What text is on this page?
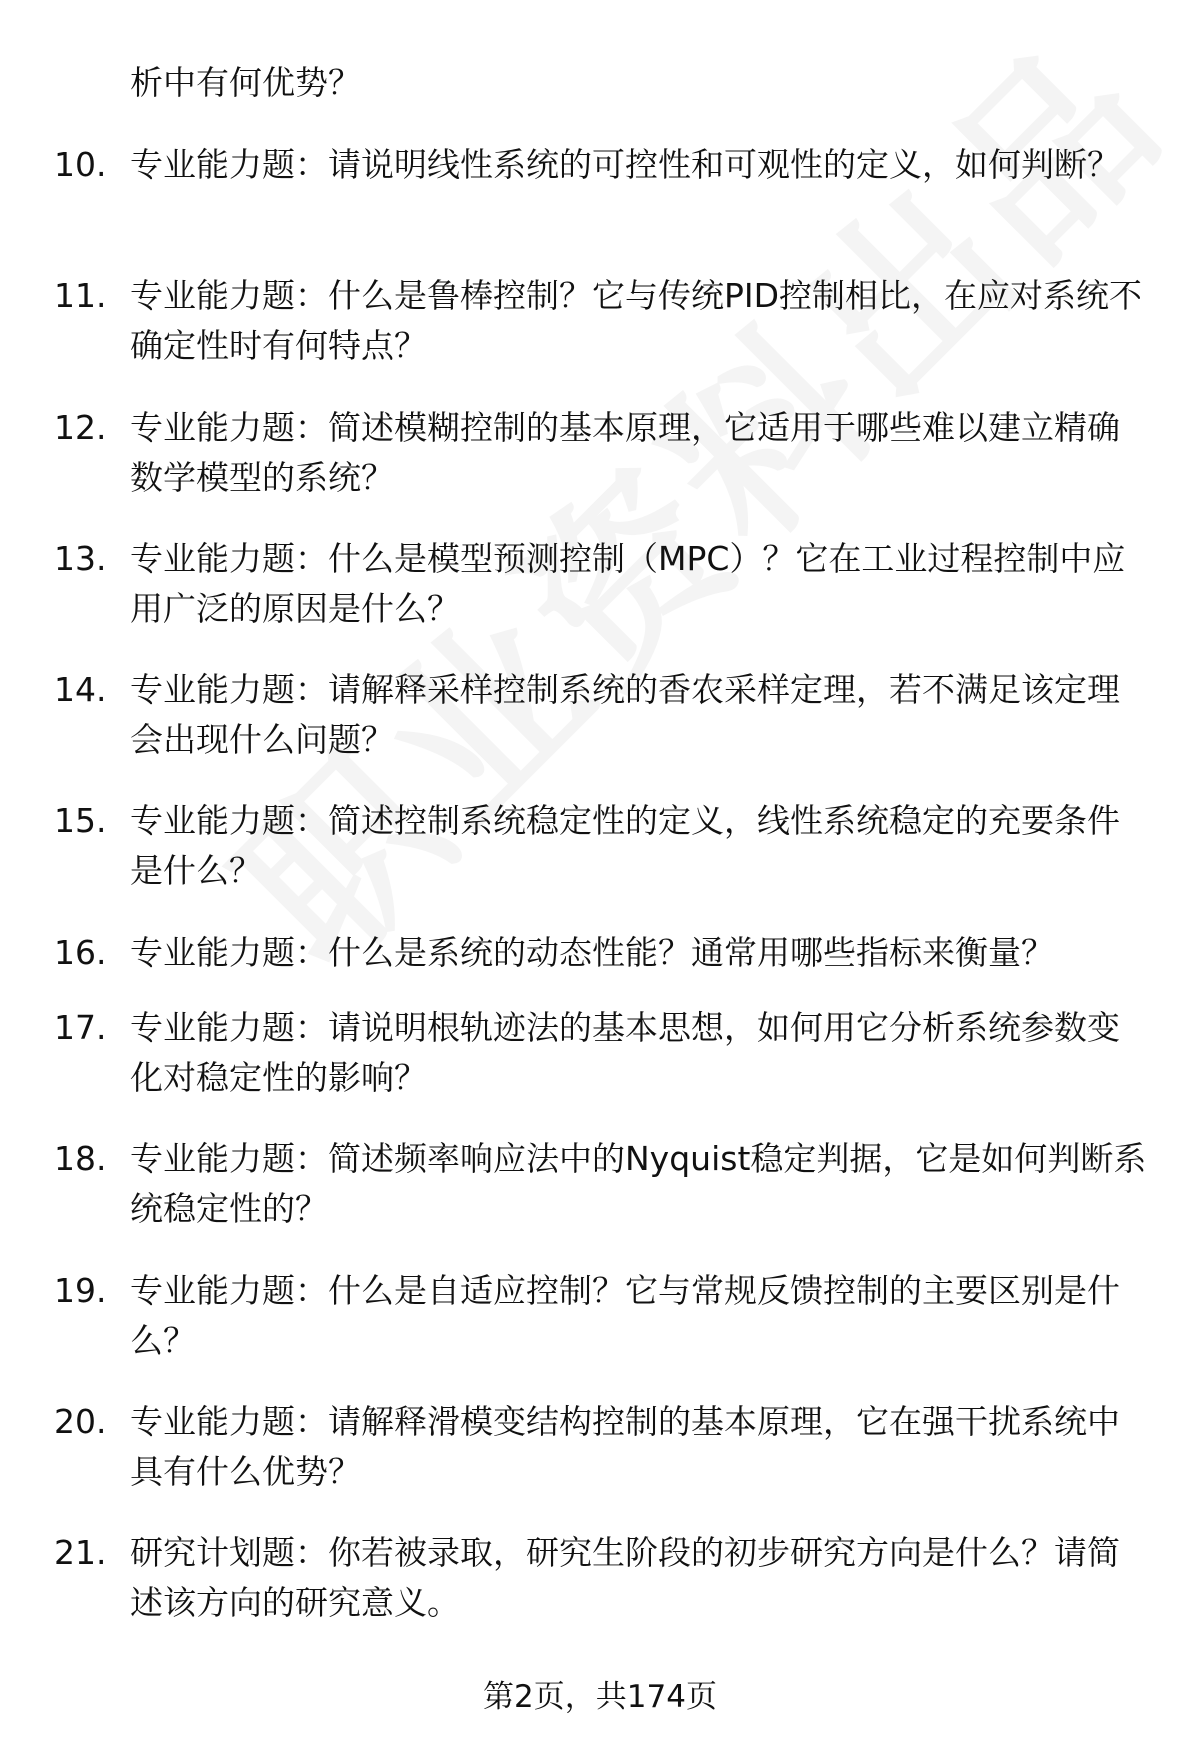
析中有何优势？

10. 专业能力题：请说明线性系统的可控性和可观性的定义，如何判断？
11. 专业能力题：什么是鲁棒控制？它与传统PID控制相比，在应对系统不确定性时有何特点？
12. 专业能力题：简述模糊控制的基本原理，它适用于哪些难以建立精确数学模型的系统？
13. 专业能力题：什么是模型预测控制（MPC）？它在工业过程控制中应用广泛的原因是什么？
14. 专业能力题：请解释采样控制系统的香农采样定理，若不满足该定理会出现什么问题？
15. 专业能力题：简述控制系统稳定性的定义，线性系统稳定的充要条件是什么？
16. 专业能力题：什么是系统的动态性能？通常用哪些指标来衡量？
17. 专业能力题：请说明根轨迹法的基本思想，如何用它分析系统参数变化对稳定性的影响？
18. 专业能力题：简述频率响应法中的Nyquist稳定判据，它是如何判断系统稳定性的？
19. 专业能力题：什么是自适应控制？它与常规反馈控制的主要区别是什么？
20. 专业能力题：请解释滑模变结构控制的基本原理，它在强干扰系统中具有什么优势？
21. 研究计划题：你若被录取，研究生阶段的初步研究方向是什么？请简述该方向的研究意义。
第2页，共174页
